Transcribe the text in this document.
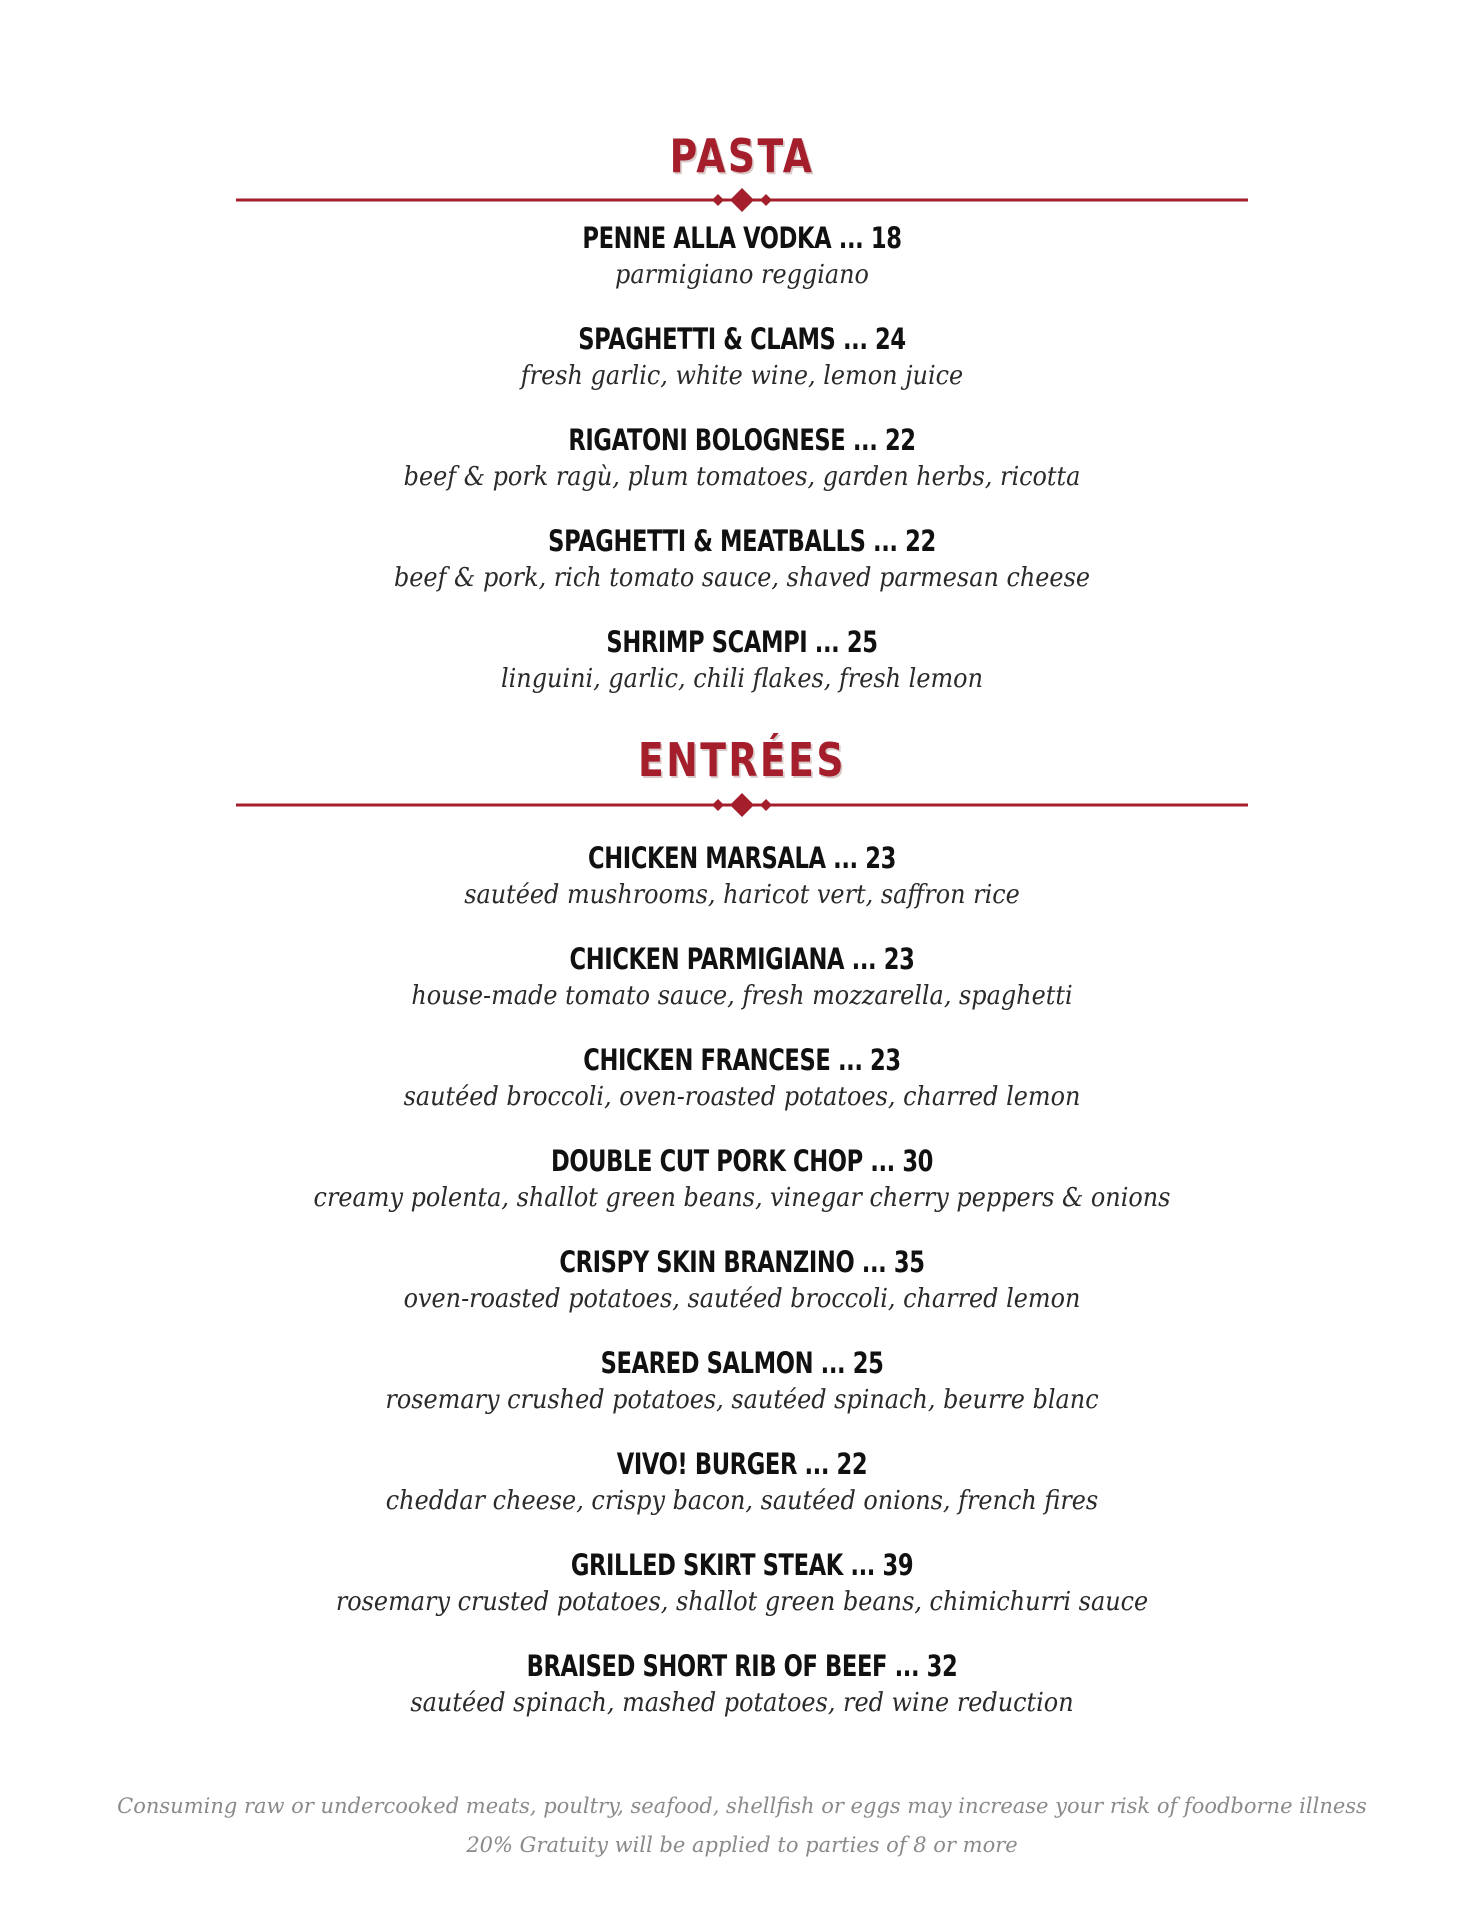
PASTA
PENNE ALLA VODKA ... 18
parmigiano reggiano
SPAGHETTI & CLAMS ... 24
fresh garlic, white wine, lemon juice
RIGATONI BOLOGNESE ... 22
beef & pork ragù, plum tomatoes, garden herbs, ricotta
SPAGHETTI & MEATBALLS ... 22
beef & pork, rich tomato sauce, shaved parmesan cheese
SHRIMP SCAMPI ... 25
linguini, garlic, chili flakes, fresh lemon
ENTRÉES
CHICKEN MARSALA ... 23
sautéed mushrooms, haricot vert, saffron rice
CHICKEN PARMIGIANA ... 23
house-made tomato sauce, fresh mozzarella, spaghetti
CHICKEN FRANCESE ... 23
sautéed broccoli, oven-roasted potatoes, charred lemon
DOUBLE CUT PORK CHOP ... 30
creamy polenta, shallot green beans, vinegar cherry peppers & onions
CRISPY SKIN BRANZINO ... 35
oven-roasted potatoes, sautéed broccoli, charred lemon
SEARED SALMON ... 25
rosemary crushed potatoes, sautéed spinach, beurre blanc
VIVO! BURGER ... 22
cheddar cheese, crispy bacon, sautéed onions, french fires
GRILLED SKIRT STEAK ... 39
rosemary crusted potatoes, shallot green beans, chimichurri sauce
BRAISED SHORT RIB OF BEEF ... 32
sautéed spinach, mashed potatoes, red wine reduction
Consuming raw or undercooked meats, poultry, seafood, shellfish or eggs may increase your risk of foodborne illness
20% Gratuity will be applied to parties of 8 or more
